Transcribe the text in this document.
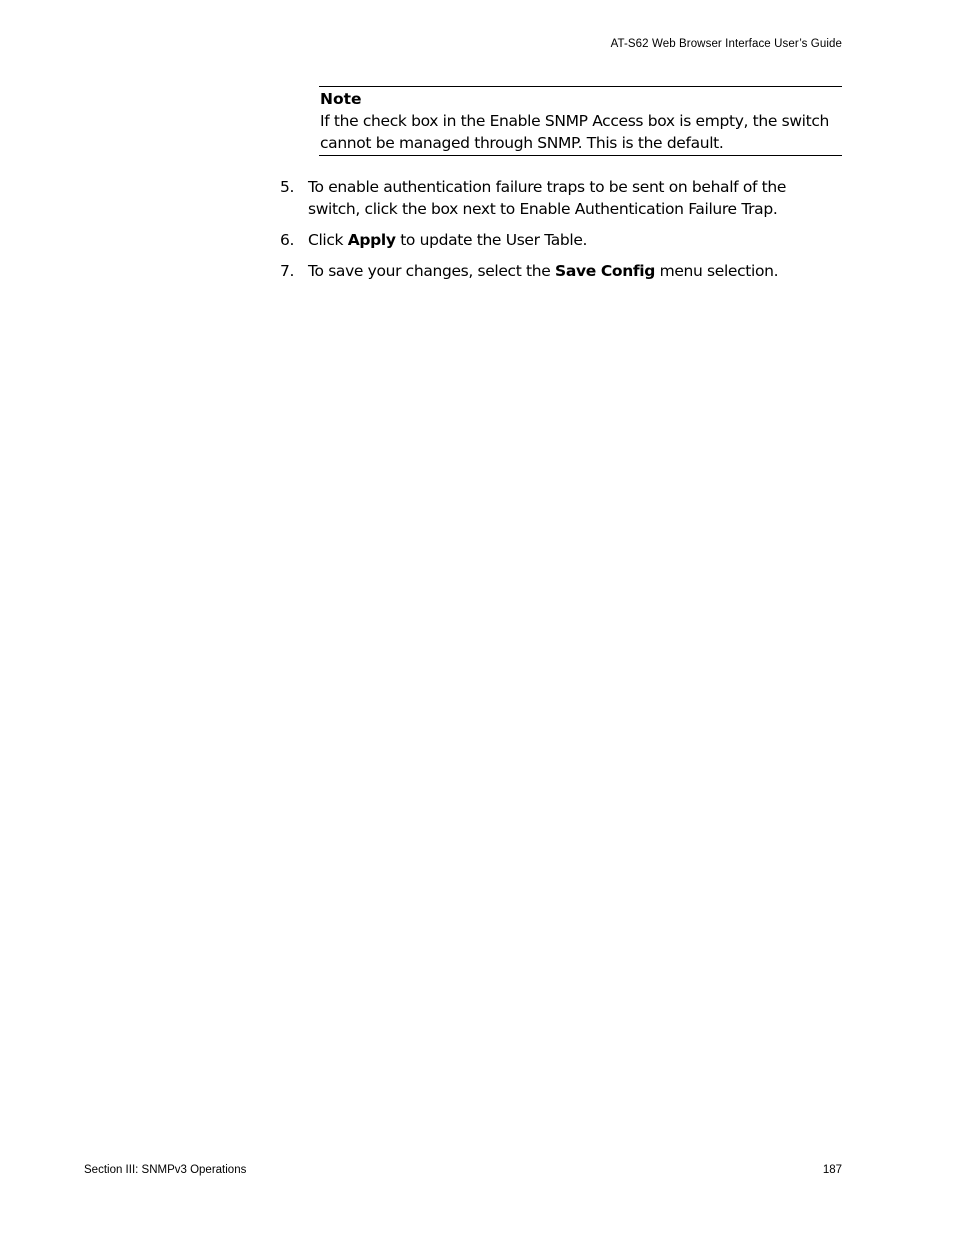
AT-S62 Web Browser Interface User’s Guide
Note
If the check box in the Enable SNMP Access box is empty, the switch
cannot be managed through SNMP. This is the default.
5. To enable authentication failure traps to be sent on behalf of the
switch, click the box next to Enable Authentication Failure Trap.
6. Click Apply to update the User Table.
7. To save your changes, select the Save Config menu selection.
Section III: SNMPv3 Operations	187
